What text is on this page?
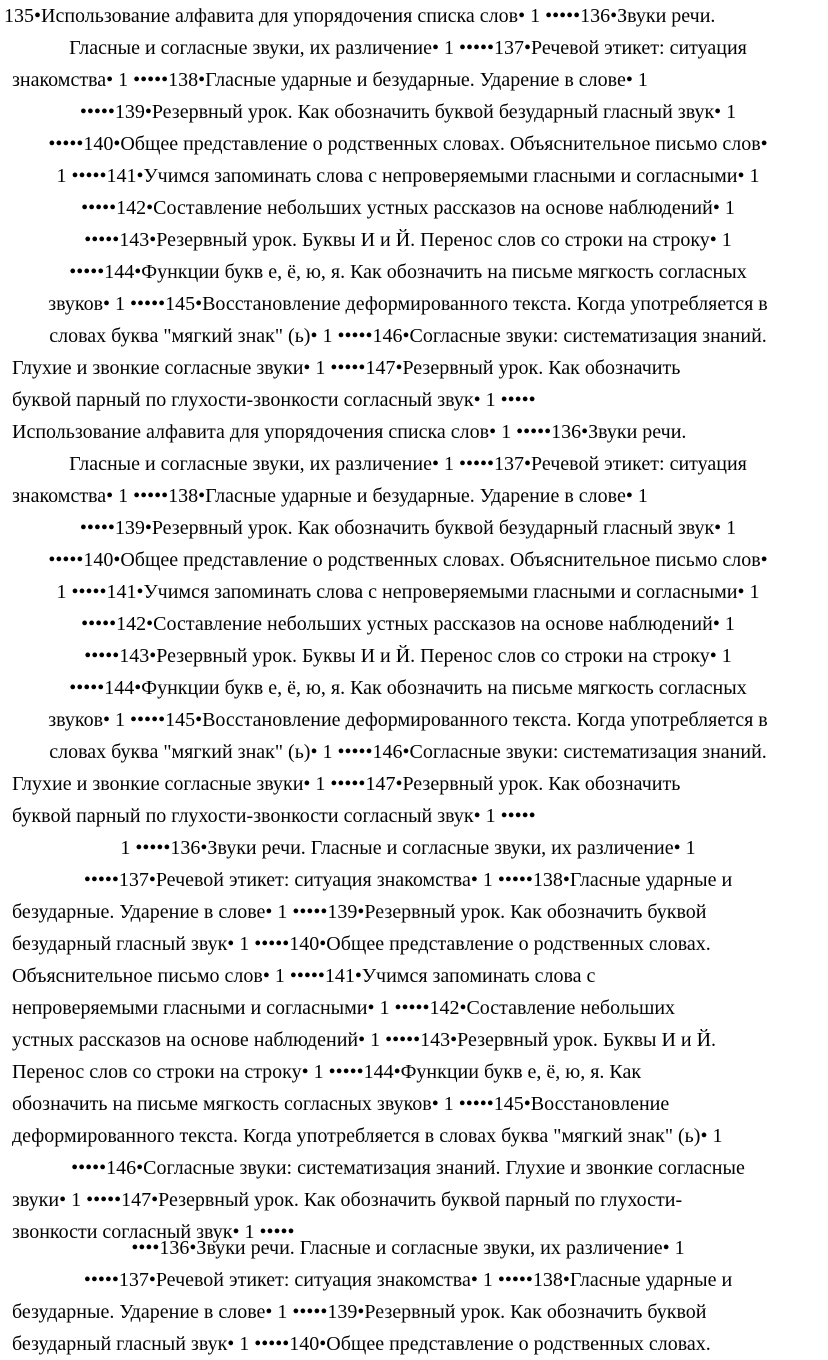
135•Использование алфавита для упорядочения списка слов• 1 •••••136•Звуки речи.
Гласные и согласные звуки, их различение• 1 •••••137•Речевой этикет: ситуация
знакомства• 1 •••••138•Гласные ударные и безударные. Ударение в слове• 1
•••••139•Резервный урок. Как обозначить буквой безударный гласный звук• 1
•••••140•Общее представление о родственных словах. Объяснительное письмо слов•
1 •••••141•Учимся запоминать слова с непроверяемыми гласными и согласными• 1
•••••142•Составление небольших устных рассказов на основе наблюдений• 1
•••••143•Резервный урок. Буквы И и Й. Перенос слов со строки на строку• 1
•••••144•Функции букв е, ё, ю, я. Как обозначить на письме мягкость согласных
звуков• 1 •••••145•Восстановление деформированного текста. Когда употребляется в
словах буква "мягкий знак" (ь)• 1 •••••146•Согласные звуки: систематизация знаний.
Глухие и звонкие согласные звуки• 1 •••••147•Резервный урок. Как обозначить
буквой парный по глухости-звонкости согласный звук• 1 •••••
Использование алфавита для упорядочения списка слов• 1 •••••136•Звуки речи.
Гласные и согласные звуки, их различение• 1 •••••137•Речевой этикет: ситуация
знакомства• 1 •••••138•Гласные ударные и безударные. Ударение в слове• 1
•••••139•Резервный урок. Как обозначить буквой безударный гласный звук• 1
•••••140•Общее представление о родственных словах. Объяснительное письмо слов•
1 •••••141•Учимся запоминать слова с непроверяемыми гласными и согласными• 1
•••••142•Составление небольших устных рассказов на основе наблюдений• 1
•••••143•Резервный урок. Буквы И и Й. Перенос слов со строки на строку• 1
•••••144•Функции букв е, ё, ю, я. Как обозначить на письме мягкость согласных
звуков• 1 •••••145•Восстановление деформированного текста. Когда употребляется в
словах буква "мягкий знак" (ь)• 1 •••••146•Согласные звуки: систематизация знаний.
Глухие и звонкие согласные звуки• 1 •••••147•Резервный урок. Как обозначить
буквой парный по глухости-звонкости согласный звук• 1 •••••
1 •••••136•Звуки речи. Гласные и согласные звуки, их различение• 1
•••••137•Речевой этикет: ситуация знакомства• 1 •••••138•Гласные ударные и
безударные. Ударение в слове• 1 •••••139•Резервный урок. Как обозначить буквой
безударный гласный звук• 1 •••••140•Общее представление о родственных словах.
Объяснительное письмо слов• 1 •••••141•Учимся запоминать слова с
непроверяемыми гласными и согласными• 1 •••••142•Составление небольших
устных рассказов на основе наблюдений• 1 •••••143•Резервный урок. Буквы И и Й.
Перенос слов со строки на строку• 1 •••••144•Функции букв е, ё, ю, я. Как
обозначить на письме мягкость согласных звуков• 1 •••••145•Восстановление
деформированного текста. Когда употребляется в словах буква "мягкий знак" (ь)• 1
•••••146•Согласные звуки: систематизация знаний. Глухие и звонкие согласные
звуки• 1 •••••147•Резервный урок. Как обозначить буквой парный по глухости-
звонкости согласный звук• 1 •••••
••••136•Звуки речи. Гласные и согласные звуки, их различение• 1
•••••137•Речевой этикет: ситуация знакомства• 1 •••••138•Гласные ударные и
безударные. Ударение в слове• 1 •••••139•Резервный урок. Как обозначить буквой
безударный гласный звук• 1 •••••140•Общее представление о родственных словах.
